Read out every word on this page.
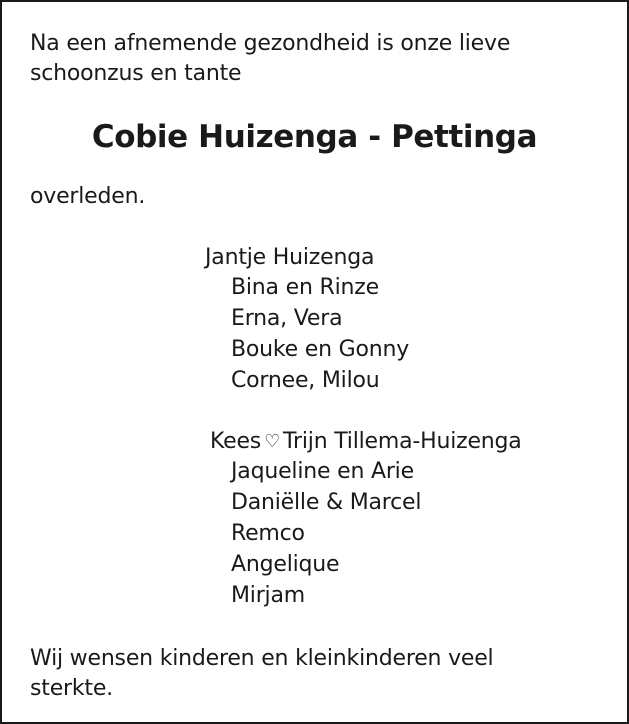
Na een afnemende gezondheid is onze lieve
schoonzus en tante
Cobie Huizenga - Pettinga
overleden.
Jantje Huizenga
Bina en Rinze
Erna, Vera
Bouke en Gonny
Cornee, Milou
Kees ♡ Trijn Tillema-Huizenga
Jaqueline en Arie
Daniëlle & Marcel
Remco
Angelique
Mirjam
Wij wensen kinderen en kleinkinderen veel
sterkte.
